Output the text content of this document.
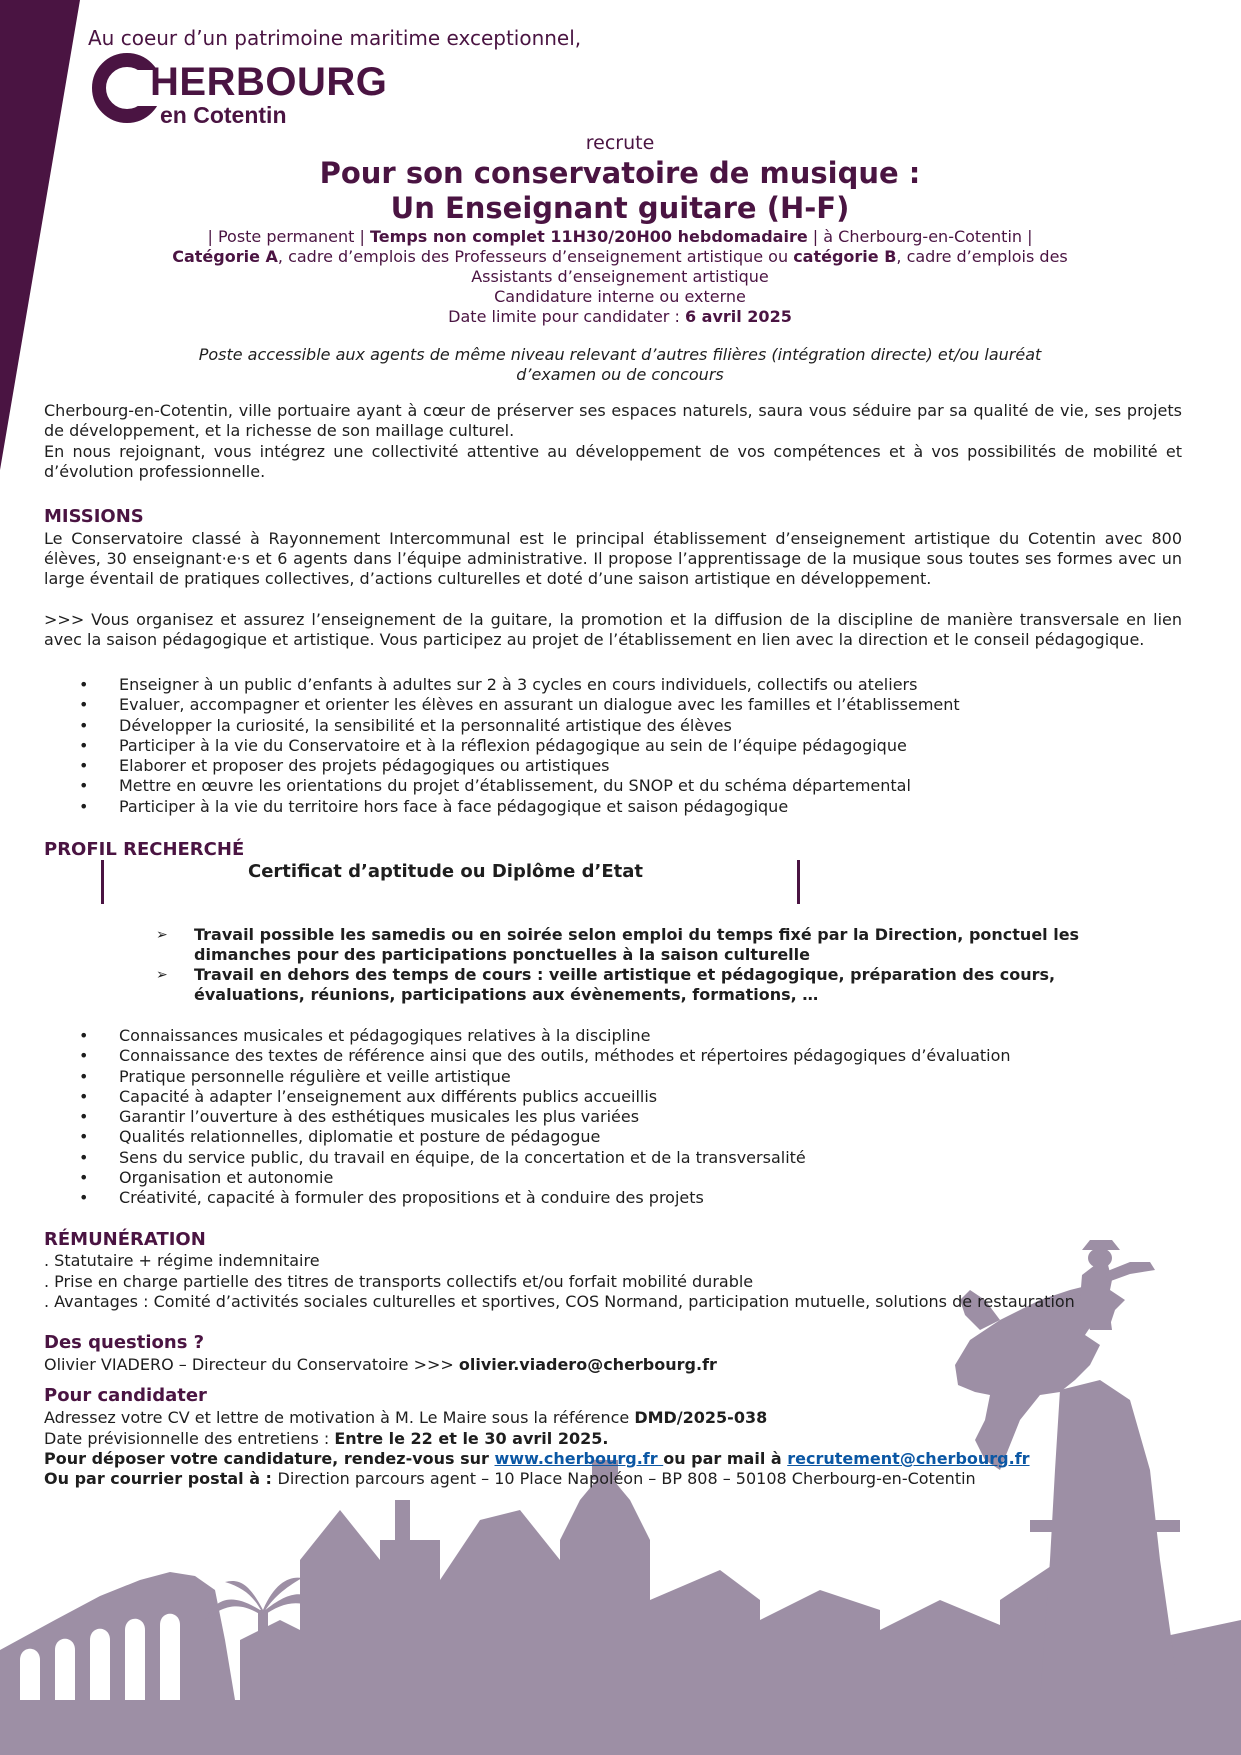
Au coeur d’un patrimoine maritime exceptionnel,
HERBOURG
en Cotentin
recrute
Pour son conservatoire de musique :
Un Enseignant guitare (H-F)
| Poste permanent | Temps non complet 11H30/20H00 hebdomadaire | à Cherbourg-en-Cotentin |
Catégorie A, cadre d’emplois des Professeurs d’enseignement artistique ou catégorie B, cadre d’emplois des
Assistants d’enseignement artistique
Candidature interne ou externe
Date limite pour candidater : 6 avril 2025
Poste accessible aux agents de même niveau relevant d’autres filières (intégration directe) et/ou lauréat
d’examen ou de concours
Cherbourg-en-Cotentin, ville portuaire ayant à cœur de préserver ses espaces naturels, saura vous séduire par sa qualité de vie, ses projets de développement, et la richesse de son maillage culturel.
En nous rejoignant, vous intégrez une collectivité attentive au développement de vos compétences et à vos possibilités de mobilité et d’évolution professionnelle.
MISSIONS
Le Conservatoire classé à Rayonnement Intercommunal est le principal établissement d’enseignement artistique du Cotentin avec 800 élèves, 30 enseignant·e·s et 6 agents dans l’équipe administrative. Il propose l’apprentissage de la musique sous toutes ses formes avec un large éventail de pratiques collectives, d’actions culturelles et doté d’une saison artistique en développement.
>>> Vous organisez et assurez l’enseignement de la guitare, la promotion et la diffusion de la discipline de manière transversale en lien avec la saison pédagogique et artistique. Vous participez au projet de l’établissement en lien avec la direction et le conseil pédagogique.
• Enseigner à un public d’enfants à adultes sur 2 à 3 cycles en cours individuels, collectifs ou ateliers
• Evaluer, accompagner et orienter les élèves en assurant un dialogue avec les familles et l’établissement
• Développer la curiosité, la sensibilité et la personnalité artistique des élèves
• Participer à la vie du Conservatoire et à la réflexion pédagogique au sein de l’équipe pédagogique
• Elaborer et proposer des projets pédagogiques ou artistiques
• Mettre en œuvre les orientations du projet d’établissement, du SNOP et du schéma départemental
• Participer à la vie du territoire hors face à face pédagogique et saison pédagogique
PROFIL RECHERCHÉ
Certificat d’aptitude ou Diplôme d’Etat
➢ Travail possible les samedis ou en soirée selon emploi du temps fixé par la Direction, ponctuel les dimanches pour des participations ponctuelles à la saison culturelle
➢ Travail en dehors des temps de cours : veille artistique et pédagogique, préparation des cours, évaluations, réunions, participations aux évènements, formations, …
• Connaissances musicales et pédagogiques relatives à la discipline
• Connaissance des textes de référence ainsi que des outils, méthodes et répertoires pédagogiques d’évaluation
• Pratique personnelle régulière et veille artistique
• Capacité à adapter l’enseignement aux différents publics accueillis
• Garantir l’ouverture à des esthétiques musicales les plus variées
• Qualités relationnelles, diplomatie et posture de pédagogue
• Sens du service public, du travail en équipe, de la concertation et de la transversalité
• Organisation et autonomie
• Créativité, capacité à formuler des propositions et à conduire des projets
RÉMUNÉRATION
. Statutaire + régime indemnitaire
. Prise en charge partielle des titres de transports collectifs et/ou forfait mobilité durable
. Avantages : Comité d’activités sociales culturelles et sportives, COS Normand, participation mutuelle, solutions de restauration
Des questions ?
Olivier VIADERO – Directeur du Conservatoire >>> olivier.viadero@cherbourg.fr
Pour candidater
Adressez votre CV et lettre de motivation à M. Le Maire sous la référence DMD/2025-038
Date prévisionnelle des entretiens : Entre le 22 et le 30 avril 2025.
Pour déposer votre candidature, rendez-vous sur www.cherbourg.fr ou par mail à recrutement@cherbourg.fr
Ou par courrier postal à : Direction parcours agent – 10 Place Napoléon – BP 808 – 50108 Cherbourg-en-Cotentin
